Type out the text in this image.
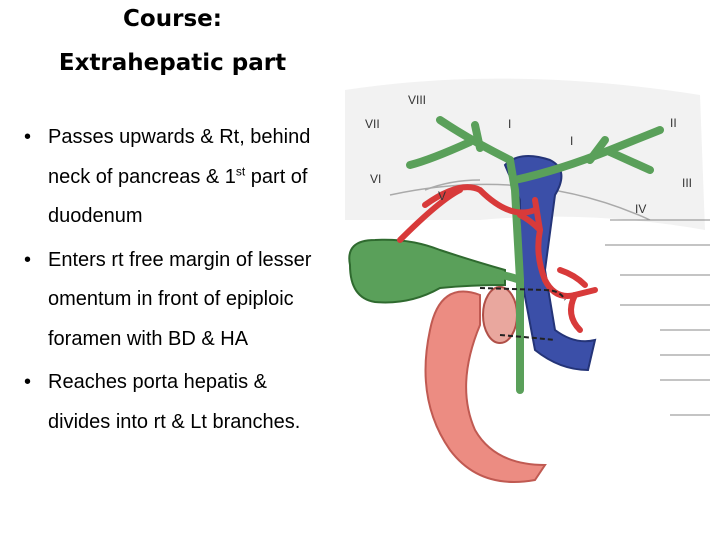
Course:
Extrahepatic part
• Passes upwards & Rt, behind neck of pancreas & 1st part of duodenum
• Enters rt free margin of lesser omentum in front of epiploic foramen with BD & HA
• Reaches porta hepatis & divides into rt & Lt branches.
VIII
VII
VI
V
I	II
III
IV
I
